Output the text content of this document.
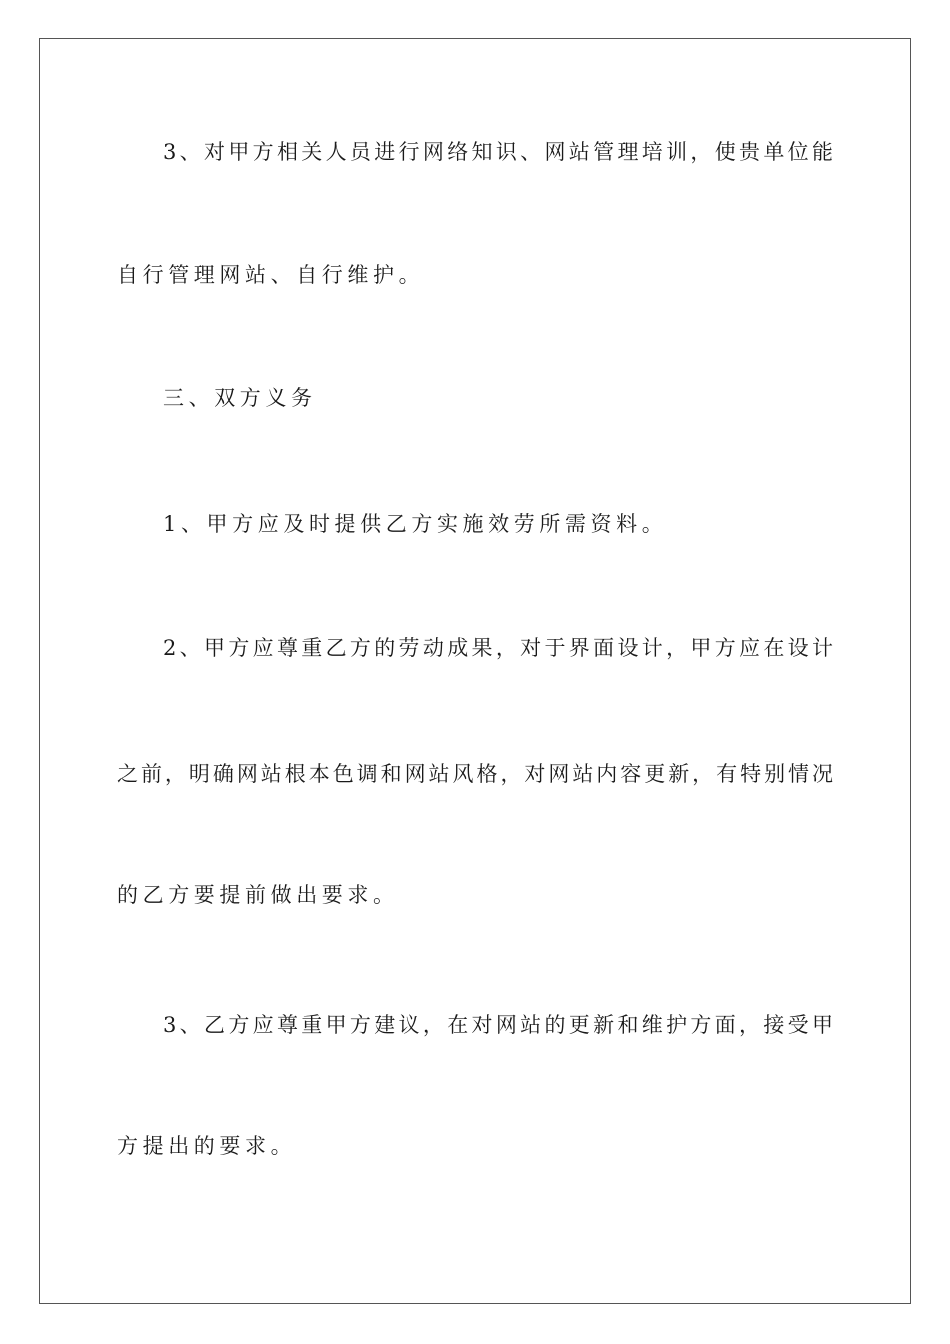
3、对甲方相关人员进行网络知识、网站管理培训，使贵单位能
自行管理网站、自行维护。
三、双方义务
1、甲方应及时提供乙方实施效劳所需资料。
2、甲方应尊重乙方的劳动成果，对于界面设计，甲方应在设计
之前，明确网站根本色调和网站风格，对网站内容更新，有特别情况
的乙方要提前做出要求。
3、乙方应尊重甲方建议，在对网站的更新和维护方面，接受甲
方提出的要求。
